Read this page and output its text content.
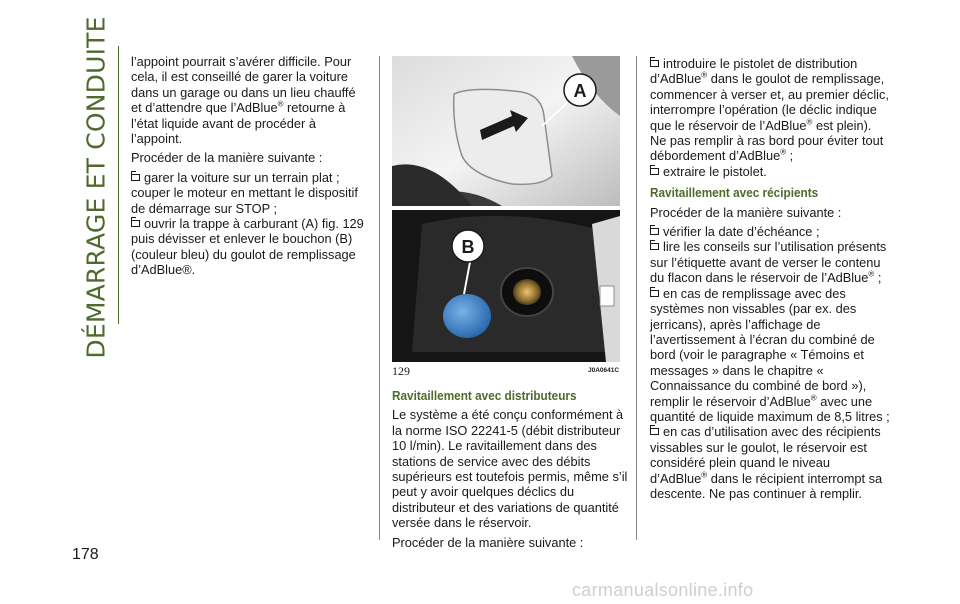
DÉMARRAGE ET CONDUITE
178

l’appoint pourrait s’avérer difficile. Pour cela, il est conseillé de garer la voiture dans un garage ou dans un lieu chauffé et d’attendre que l’AdBlue® retourne à l’état liquide avant de procéder à l’appoint.

Procéder de la manière suivante :

garer la voiture sur un terrain plat ; couper le moteur en mettant le dispositif de démarrage sur STOP ;
ouvrir la trappe à carburant (A) fig. 129 puis dévisser et enlever le bouchon (B) (couleur bleu) du goulot de remplissage d’AdBlue®.
A
B
129	J0A0641C
Ravitaillement avec distributeurs

Le système a été conçu conformément à la norme ISO 22241-5 (débit distributeur 10 l/min). Le ravitaillement dans des stations de service avec des débits supérieurs est toutefois permis, même s’il peut y avoir quelques déclics du distributeur et des variations de quantité versée dans le réservoir.

Procéder de la manière suivante :

introduire le pistolet de distribution d’AdBlue® dans le goulot de remplissage, commencer à verser et, au premier déclic, interrompre l’opération (le déclic indique que le réservoir de l’AdBlue® est plein). Ne pas remplir à ras bord pour éviter tout débordement d’AdBlue® ;
extraire le pistolet.
Ravitaillement avec récipients

Procéder de la manière suivante :

vérifier la date d’échéance ;
lire les conseils sur l’utilisation présents sur l’étiquette avant de verser le contenu du flacon dans le réservoir de l’AdBlue® ;
en cas de remplissage avec des systèmes non vissables (par ex. des jerricans), après l’affichage de l’avertissement à l’écran du combiné de bord (voir le paragraphe « Témoins et messages » dans le chapitre « Connaissance du combiné de bord »), remplir le réservoir d’AdBlue® avec une quantité de liquide maximum de 8,5 litres ;
en cas d’utilisation avec des récipients vissables sur le goulot, le réservoir est considéré plein quand le niveau d’AdBlue® dans le récipient interrompt sa descente. Ne pas continuer à remplir.
carmanualsonline.info
